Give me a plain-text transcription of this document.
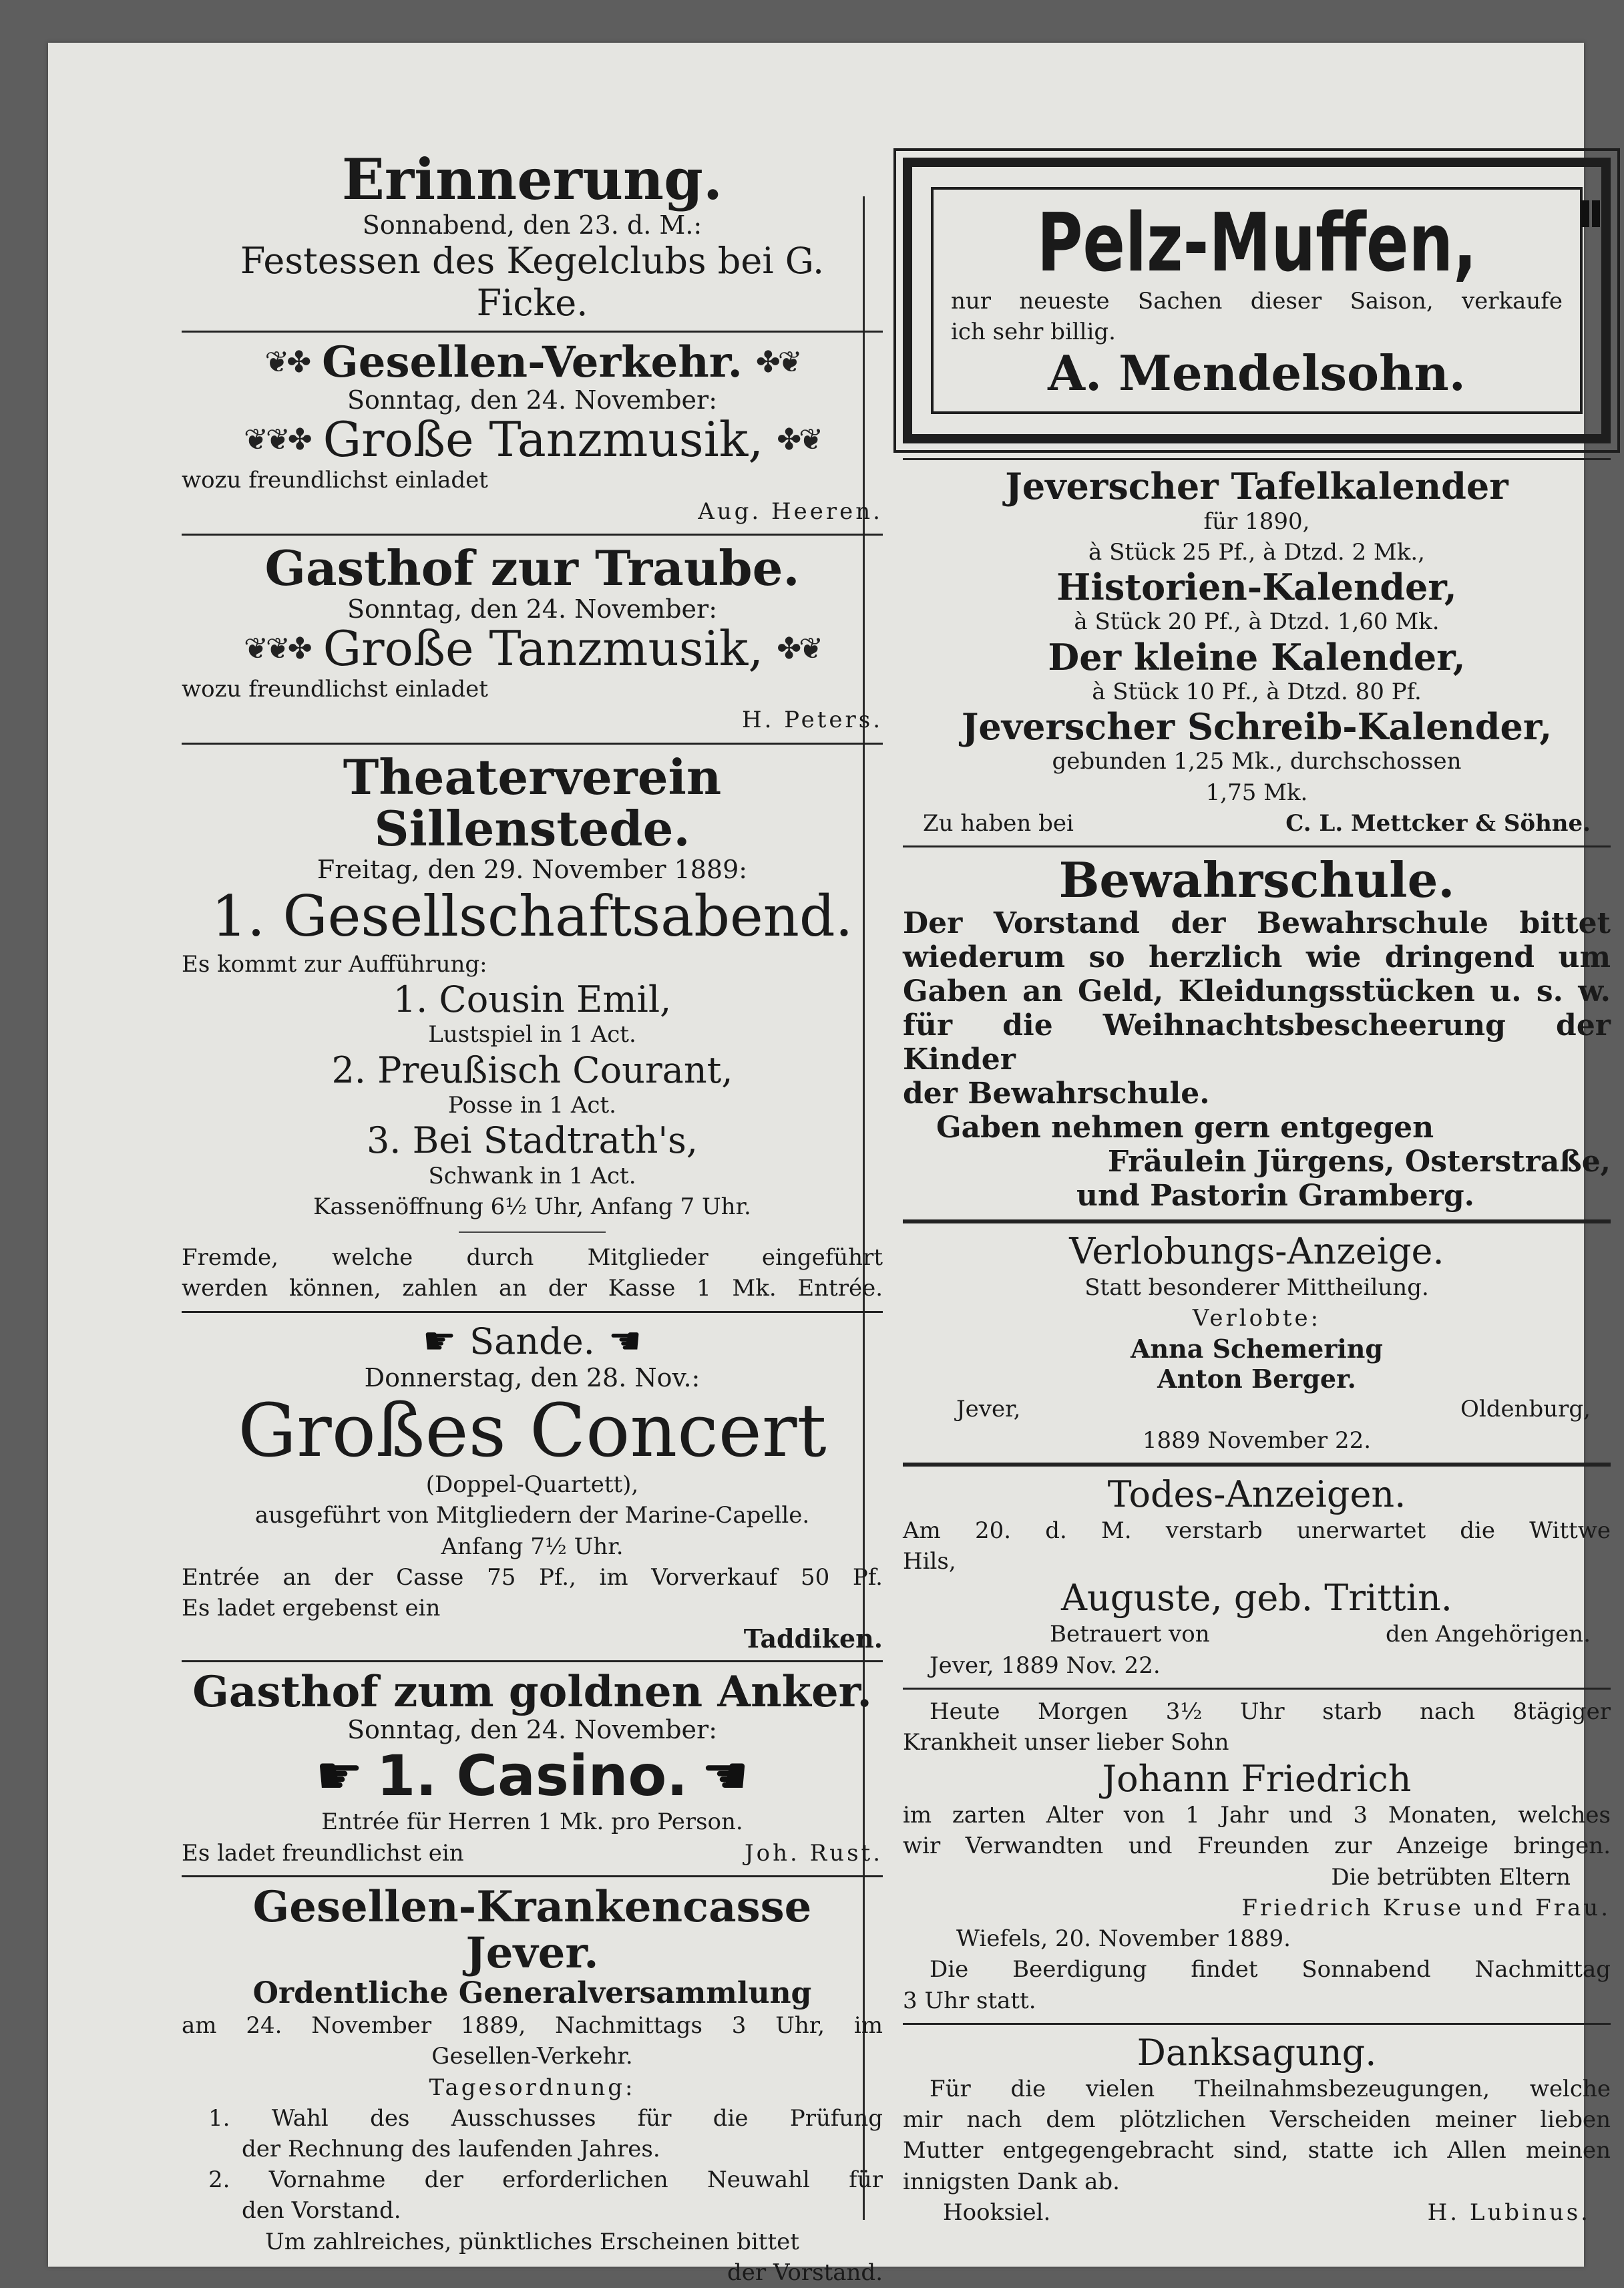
Erinnerung.

Sonnabend, den 23. d. M.:

Festessen des Kegelclubs bei G. Ficke.

❦✤ Gesellen-Verkehr. ✤❦

Sonntag, den 24. November:

❦❦✤ Große Tanzmusik, ✤❦

wozu freundlichst einladet

Aug. Heeren.

Gasthof zur Traube.

Sonntag, den 24. November:

❦❦✤ Große Tanzmusik, ✤❦

wozu freundlichst einladet

H. Peters.

Theaterverein Sillenstede.

Freitag, den 29. November 1889:

1. Gesellschaftsabend.

Es kommt zur Aufführung:

1. Cousin Emil,

Lustspiel in 1 Act.

2. Preußisch Courant,

Posse in 1 Act.

3. Bei Stadtrath's,

Schwank in 1 Act.

Kassenöffnung 6½ Uhr, Anfang 7 Uhr.

Fremde, welche durch Mitglieder eingeführt

werden können, zahlen an der Kasse 1 Mk. Entrée.

☛ Sande. ☚

Donnerstag, den 28. Nov.:

Großes Concert

(Doppel-Quartett),

ausgeführt von Mitgliedern der Marine-Capelle.

Anfang 7½ Uhr.

Entrée an der Casse 75 Pf., im Vorverkauf 50 Pf.

Es ladet ergebenst ein

Taddiken.

Gasthof zum goldnen Anker.

Sonntag, den 24. November:

☛ 1. Casino. ☚

Entrée für Herren 1 Mk. pro Person.

Es ladet freundlichst ein	Joh. Rust.

Gesellen-Krankencasse Jever.

Ordentliche Generalversammlung

am 24. November 1889, Nachmittags 3 Uhr, im

Gesellen-Verkehr.

Tagesordnung:

1. Wahl des Ausschusses für die Prüfung

der Rechnung des laufenden Jahres.

2. Vornahme der erforderlichen Neuwahl für

den Vorstand.

Um zahlreiches, pünktliches Erscheinen bittet

der Vorstand.

Pelz-Muffen,

nur neueste Sachen dieser Saison, verkaufe

ich sehr billig.

A. Mendelsohn.

Jeverscher Tafelkalender

für 1890,

à Stück 25 Pf., à Dtzd. 2 Mk.,

Historien-Kalender,

à Stück 20 Pf., à Dtzd. 1,60 Mk.

Der kleine Kalender,

à Stück 10 Pf., à Dtzd. 80 Pf.

Jeverscher Schreib-Kalender,

gebunden 1,25 Mk., durchschossen

1,75 Mk.

Zu haben bei	C. L. Mettcker & Söhne.

Bewahrschule.

Der Vorstand der Bewahrschule bittet

wiederum so herzlich wie dringend um

Gaben an Geld, Kleidungsstücken u. s. w.

für die Weihnachtsbescheerung der Kinder

der Bewahrschule.

Gaben nehmen gern entgegen

Fräulein Jürgens, Osterstraße,

und Pastorin Gramberg.

Verlobungs-Anzeige.

Statt besonderer Mittheilung.

Verlobte:

Anna Schemering

Anton Berger.

Jever,	Oldenburg,

1889 November 22.

Todes-Anzeigen.

Am 20. d. M. verstarb unerwartet die Wittwe

Hils,

Auguste, geb. Trittin.

Betrauert von	den Angehörigen.

Jever, 1889 Nov. 22.

Heute Morgen 3½ Uhr starb nach 8tägiger

Krankheit unser lieber Sohn

Johann Friedrich

im zarten Alter von 1 Jahr und 3 Monaten, welches

wir Verwandten und Freunden zur Anzeige bringen.

Die betrübten Eltern

Friedrich Kruse und Frau.

Wiefels, 20. November 1889.

Die Beerdigung findet Sonnabend Nachmittag

3 Uhr statt.

Danksagung.

Für die vielen Theilnahmsbezeugungen, welche

mir nach dem plötzlichen Verscheiden meiner lieben

Mutter entgegengebracht sind, statte ich Allen meinen

innigsten Dank ab.

Hooksiel.	H. Lubinus.
